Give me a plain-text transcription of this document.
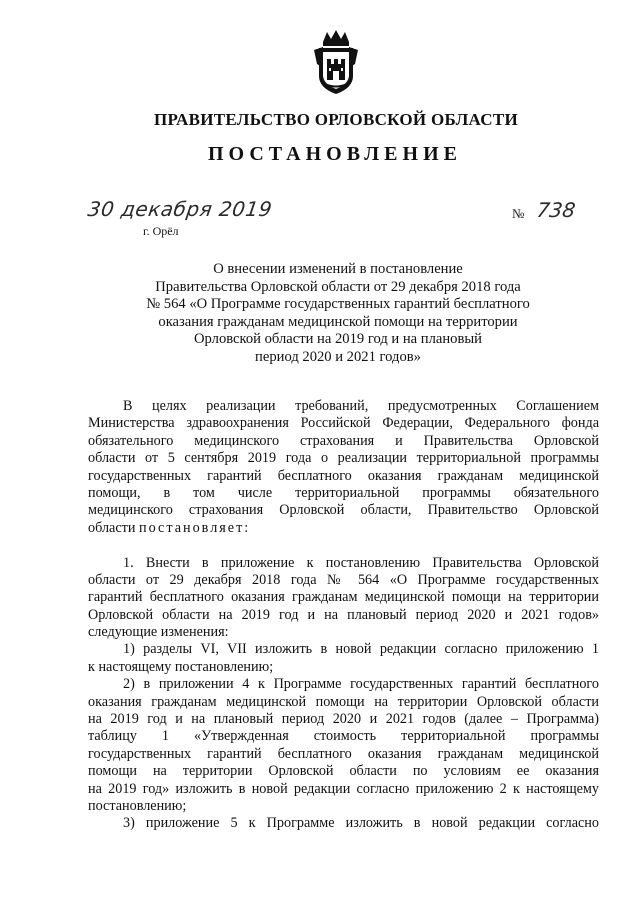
ПРАВИТЕЛЬСТВО ОРЛОВСКОЙ ОБЛАСТИ
ПОСТАНОВЛЕНИЕ
30 декабря 2019
г. Орёл
№ 738
О внесении изменений в постановление
Правительства Орловской области от 29 декабря 2018 года
№ 564 «О Программе государственных гарантий бесплатного
оказания гражданам медицинской помощи на территории
Орловской области на 2019 год и на плановый
период 2020 и 2021 годов»
В целях реализации требований, предусмотренных Соглашением
Министерства здравоохранения Российской Федерации, Федерального фонда
обязательного медицинского страхования и Правительства Орловской
области от 5 сентября 2019 года о реализации территориальной программы
государственных гарантий бесплатного оказания гражданам медицинской
помощи, в том числе территориальной программы обязательного
медицинского страхования Орловской области, Правительство Орловской
области постановляет:
1. Внести в приложение к постановлению Правительства Орловской
области от 29 декабря 2018 года № 564 «О Программе государственных
гарантий бесплатного оказания гражданам медицинской помощи на территории
Орловской области на 2019 год и на плановый период 2020 и 2021 годов»
следующие изменения:
1) разделы VI, VII изложить в новой редакции согласно приложению 1
к настоящему постановлению;
2) в приложении 4 к Программе государственных гарантий бесплатного
оказания гражданам медицинской помощи на территории Орловской области
на 2019 год и на плановый период 2020 и 2021 годов (далее – Программа)
таблицу 1 «Утвержденная стоимость территориальной программы
государственных гарантий бесплатного оказания гражданам медицинской
помощи на территории Орловской области по условиям ее оказания
на 2019 год» изложить в новой редакции согласно приложению 2 к настоящему
постановлению;
3) приложение 5 к Программе изложить в новой редакции согласно
